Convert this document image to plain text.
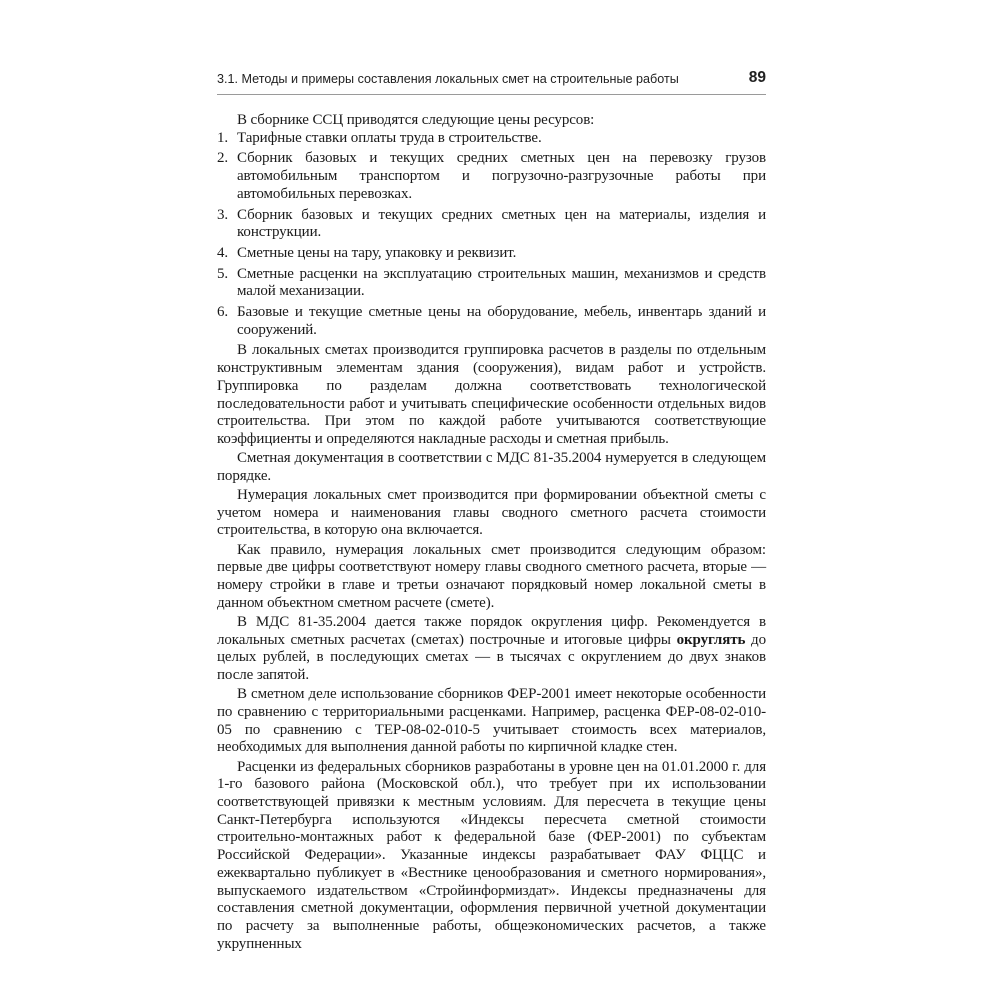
3.1. Методы и примеры составления локальных смет на строительные работы	89

В сборнике ССЦ приводятся следующие цены ресурсов:

1. Тарифные ставки оплаты труда в строительстве.
2. Сборник базовых и текущих средних сметных цен на перевозку грузов автомобильным транспортом и погрузочно-разгрузочные работы при автомобильных перевозках.
3. Сборник базовых и текущих средних сметных цен на материалы, изделия и конструкции.
4. Сметные цены на тару, упаковку и реквизит.
5. Сметные расценки на эксплуатацию строительных машин, механизмов и средств малой механизации.
6. Базовые и текущие сметные цены на оборудование, мебель, инвентарь зданий и сооружений.

В локальных сметах производится группировка расчетов в разделы по отдельным конструктивным элементам здания (сооружения), видам работ и устройств. Группировка по разделам должна соответствовать технологической последовательности работ и учитывать специфические особенности отдельных видов строительства. При этом по каждой работе учитываются соответствующие коэффициенты и определяются накладные расходы и сметная прибыль.

Сметная документация в соответствии с МДС 81-35.2004 нумеруется в следующем порядке.

Нумерация локальных смет производится при формировании объектной сметы с учетом номера и наименования главы сводного сметного расчета стоимости строительства, в которую она включается.

Как правило, нумерация локальных смет производится следующим образом: первые две цифры соответствуют номеру главы сводного сметного расчета, вторые — номеру стройки в главе и третьи означают порядковый номер локальной сметы в данном объектном сметном расчете (смете).

В МДС 81-35.2004 дается также порядок округления цифр. Рекомендуется в локальных сметных расчетах (сметах) построчные и итоговые цифры округлять до целых рублей, в последующих сметах — в тысячах с округлением до двух знаков после запятой.

В сметном деле использование сборников ФЕР-2001 имеет некоторые особенности по сравнению с территориальными расценками. Например, расценка ФЕР-08-02-010-05 по сравнению с ТЕР-08-02-010-5 учитывает стоимость всех материалов, необходимых для выполнения данной работы по кирпичной кладке стен.

Расценки из федеральных сборников разработаны в уровне цен на 01.01.2000 г. для 1-го базового района (Московской обл.), что требует при их использовании соответствующей привязки к местным условиям. Для пересчета в текущие цены Санкт-Петербурга используются «Индексы пересчета сметной стоимости строительно-монтажных работ к федеральной базе (ФЕР-2001) по субъектам Российской Федерации». Указанные индексы разрабатывает ФАУ ФЦЦС и ежеквартально публикует в «Вестнике ценообразования и сметного нормирования», выпускаемого издательством «Стройинформиздат». Индексы предназначены для составления сметной документации, оформления первичной учетной документации по расчету за выполненные работы, общеэкономических расчетов, а также укрупненных
